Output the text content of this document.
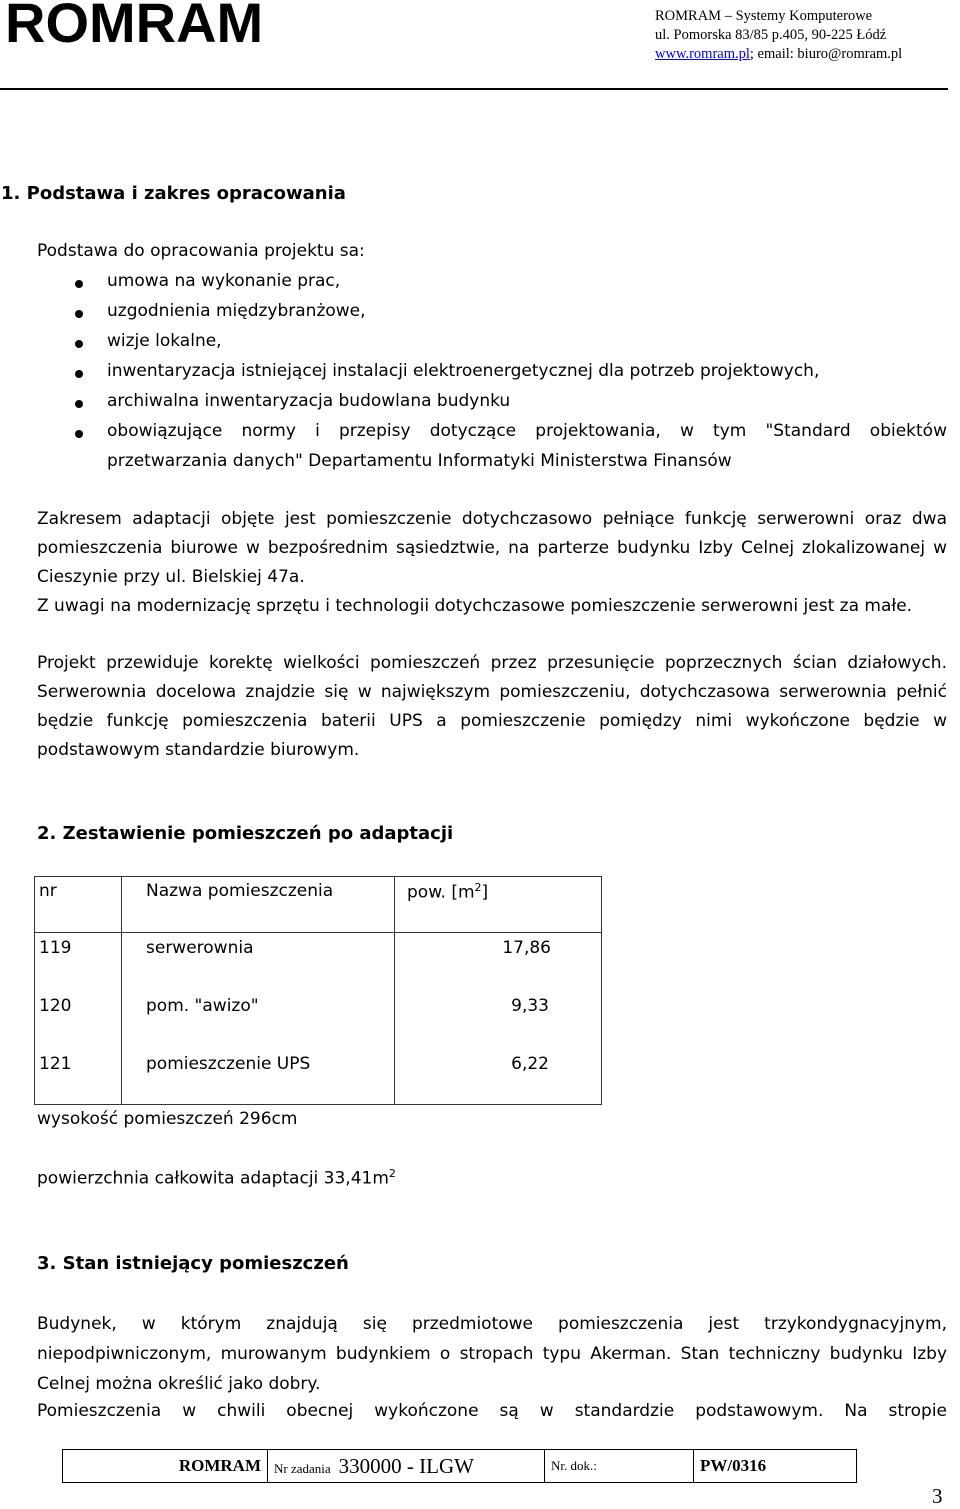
ROMRAM	ROMRAM – Systemy Komputerowe
ul. Pomorska 83/85 p.405, 90-225 Łódź
www.romram.pl; email: biuro@romram.pl
1. Podstawa i zakres opracowania
Podstawa do opracowania projektu sa:
umowa na wykonanie prac,
uzgodnienia międzybranżowe,
wizje lokalne,
inwentaryzacja istniejącej instalacji elektroenergetycznej dla potrzeb projektowych,
archiwalna inwentaryzacja budowlana budynku
obowiązujące normy i przepisy dotyczące projektowania, w tym "Standard obiektów
przetwarzania danych" Departamentu Informatyki Ministerstwa Finansów
Zakresem adaptacji objęte jest pomieszczenie dotychczasowo pełniące funkcję serwerowni oraz dwa pomieszczenia biurowe w bezpośrednim sąsiedztwie, na parterze budynku Izby Celnej zlokalizowanej w Cieszynie przy ul. Bielskiej 47a.
Z uwagi na modernizację sprzętu i technologii dotychczasowe pomieszczenie serwerowni jest za małe.
Projekt przewiduje korektę wielkości pomieszczeń przez przesunięcie poprzecznych ścian działowych. Serwerownia docelowa znajdzie się w największym pomieszczeniu, dotychczasowa serwerownia pełnić będzie funkcję pomieszczenia baterii UPS a pomieszczenie pomiędzy nimi wykończone będzie w podstawowym standardzie biurowym.
2. Zestawienie pomieszczeń po adaptacji
nr	Nazwa pomieszczenia	pow. $[m^2]$
119	serwerownia	17,86
120	pom. "awizo"	9,33
121	pomieszczenie UPS	6,22
wysokość pomieszczeń 296cm
powierzchnia całkowita adaptacji $33,41m^2$
3. Stan istniejący pomieszczeń
Budynek, w którym znajdują się przedmiotowe pomieszczenia jest trzykondygnacyjnym, niepodpiwniczonym, murowanym budynkiem o stropach typu Akerman. Stan techniczny budynku Izby Celnej można określić jako dobry.
Pomieszczenia w chwili obecnej wykończone są w standardzie podstawowym. Na stropie
ROMRAM	Nr zadania 330000 - ILGW	Nr. dok.:	PW/0316
3
